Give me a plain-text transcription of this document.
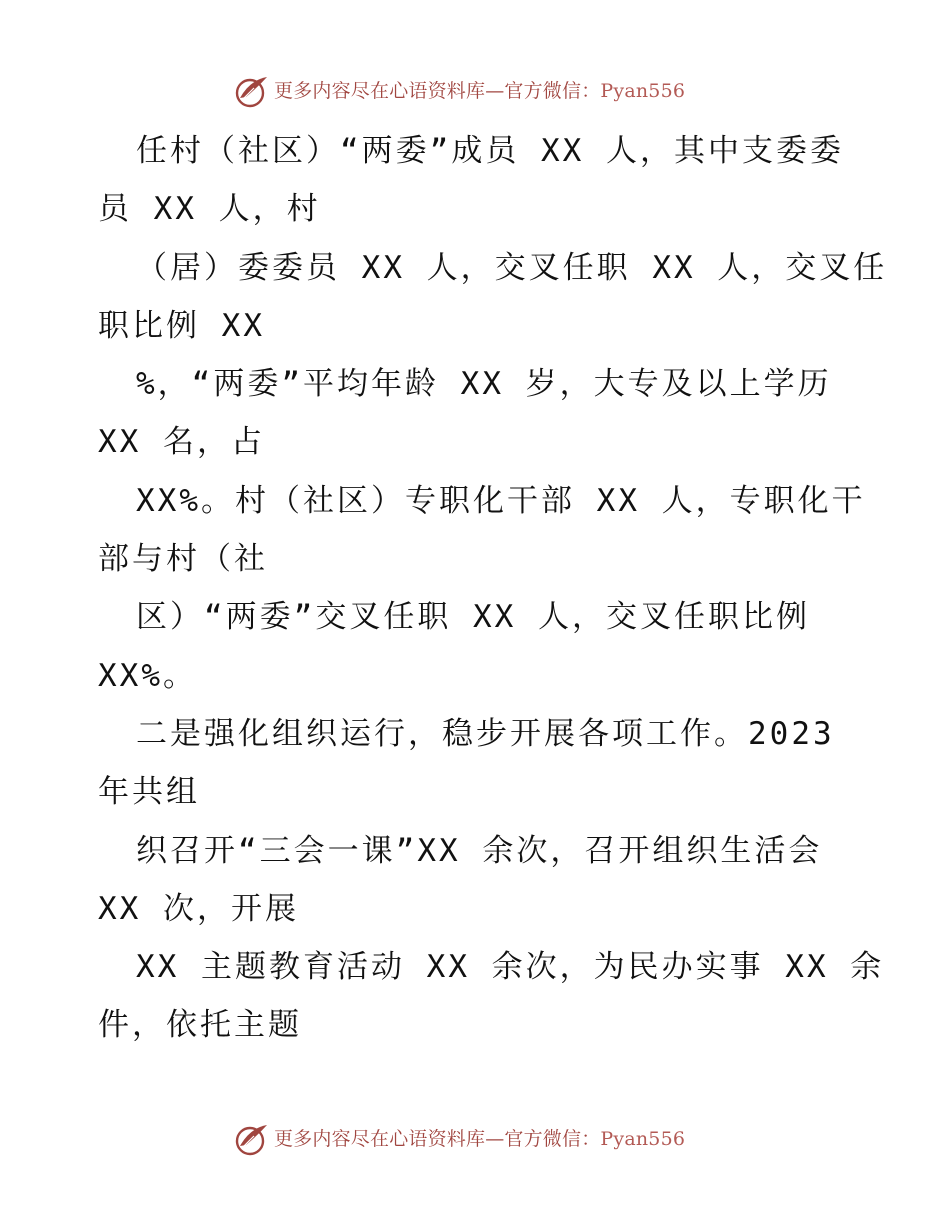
更多内容尽在心语资料库—官方微信：Pyan556
任村（社区）“两委”成员 XX 人，其中支委委
员 XX 人，村
（居）委委员 XX 人，交叉任职 XX 人，交叉任
职比例 XX
%，“两委”平均年龄 XX 岁，大专及以上学历
XX 名，占
XX%。村（社区）专职化干部 XX 人，专职化干
部与村（社
区）“两委”交叉任职 XX 人，交叉任职比例
XX%。
二是强化组织运行，稳步开展各项工作。2023
年共组
织召开“三会一课”XX 余次，召开组织生活会
XX 次，开展
XX 主题教育活动 XX 余次，为民办实事 XX 余
件，依托主题
更多内容尽在心语资料库—官方微信：Pyan556
